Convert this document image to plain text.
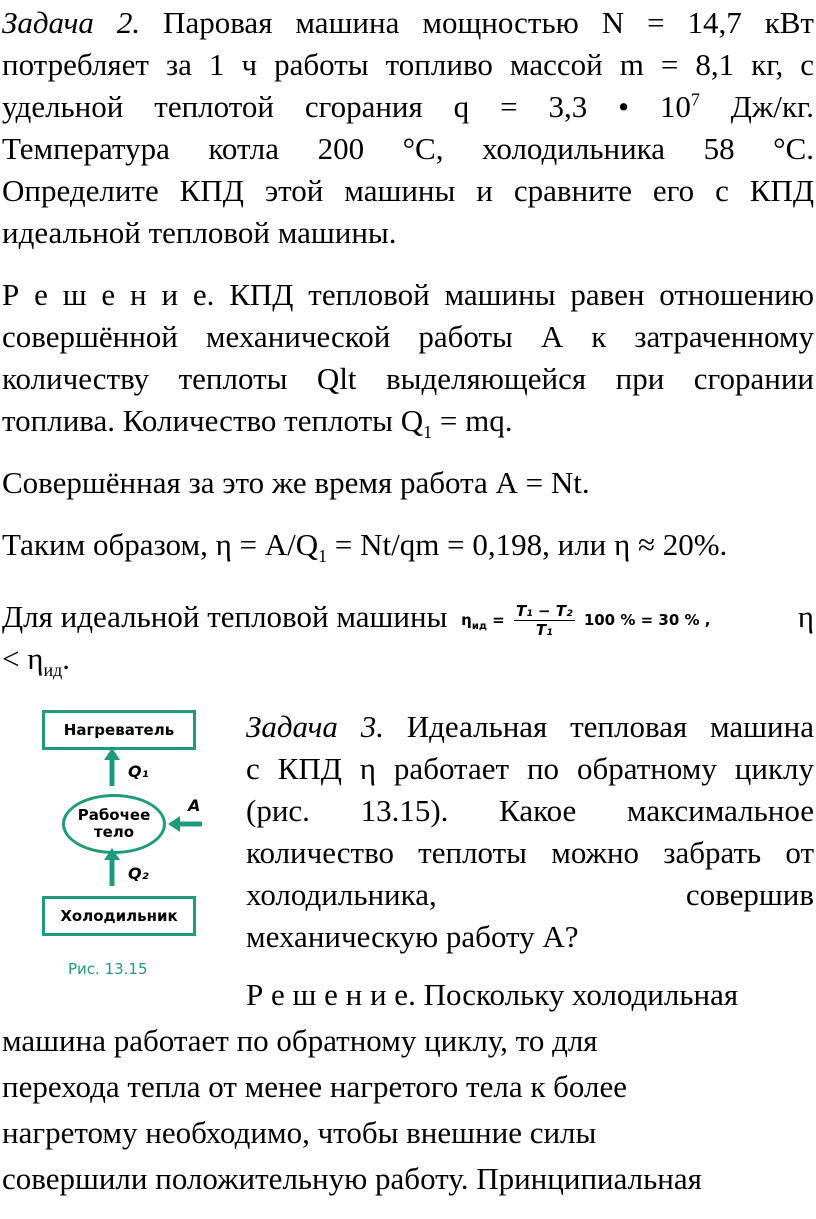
Задача 2. Паровая машина мощностью N = 14,7 кВт
потребляет за 1 ч работы топливо массой m = 8,1 кг, с
удельной теплотой сгорания q = 3,3 • $10^7$ Дж/кг.
Температура котла 200 °С, холодильника 58 °С.
Определите КПД этой машины и сравните его с КПД
идеальной тепловой машины.
Р е ш е н и е. КПД тепловой машины равен отношению
совершённой механической работы А к затраченному
количеству теплоты Qlt выделяющейся при сгорании
топлива. Количество теплоты $Q_1$ = mq.
Совершённая за это же время работа А = Nt.
Таким образом, $\eta = A/Q_1 = Nt/qm = 0,198$, или η ≈ 20%.
Для идеальной тепловой машины $\eta_{ид} = \frac{\text{T₁ − T₂}}{\text{T₁}} 100$ % = 30 % ,	η
< $\eta_{ид}$.
Нагреватель
Рабочее
тело
Q₁
Q₂
A
Холодильник
Рис. 13.15
Задача 3. Идеальная тепловая машина
с КПД η работает по обратному циклу
(рис. 13.15). Какое максимальное
количество теплоты можно забрать от
холодильника, совершив
механическую работу А?
Р е ш е н и е. Поскольку холодильная
машина работает по обратному циклу, то для
перехода тепла от менее нагретого тела к более
нагретому необходимо, чтобы внешние силы
совершили положительную работу. Принципиальная
